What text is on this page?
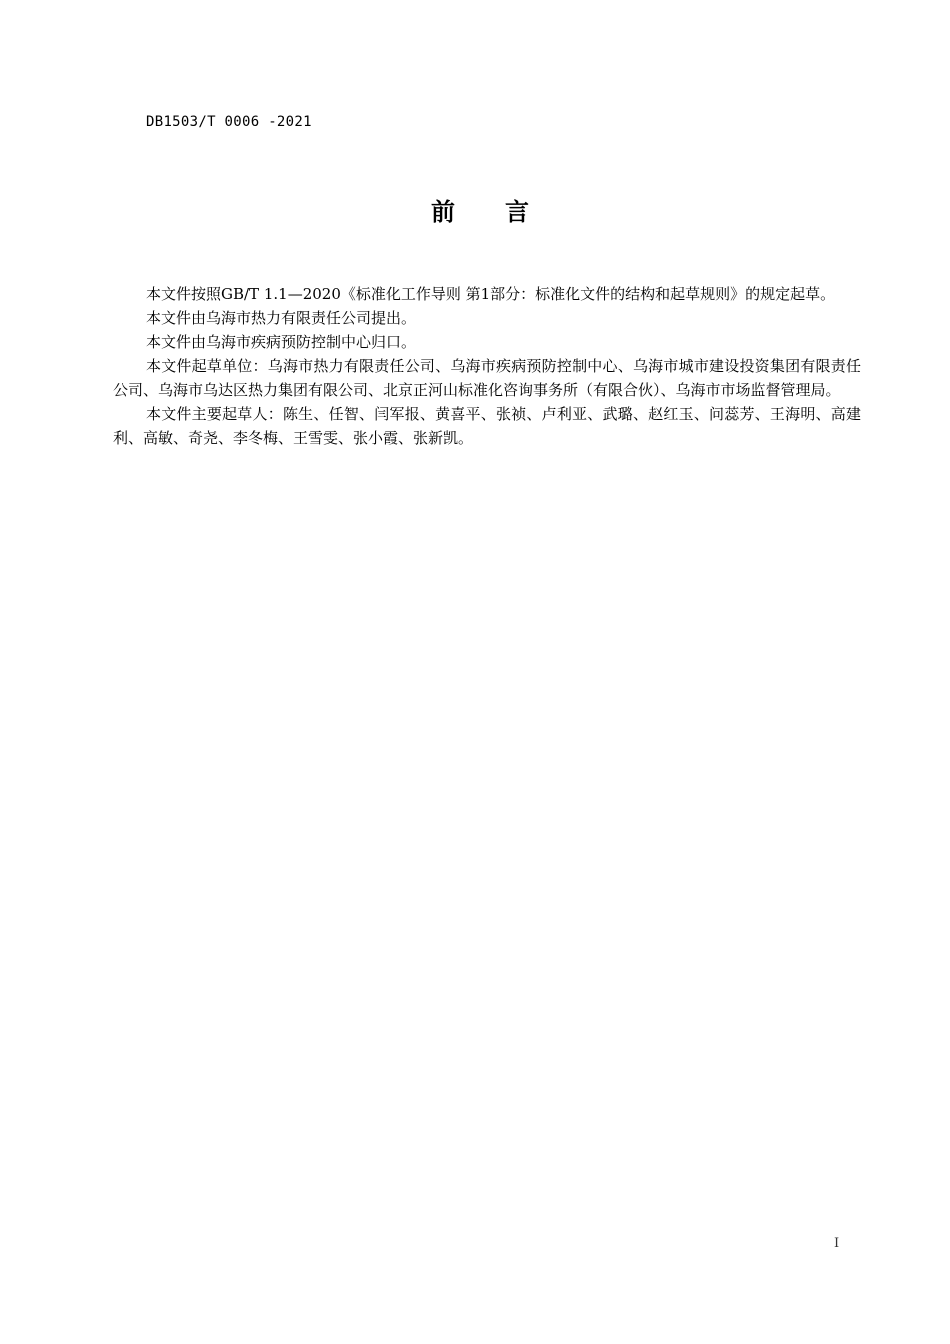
DB1503/T 0006 -2021
前 言

本文件按照GB/T 1.1—2020《标准化工作导则 第1部分：标准化文件的结构和起草规则》的规定起草。

本文件由乌海市热力有限责任公司提出。

本文件由乌海市疾病预防控制中心归口。

本文件起草单位：乌海市热力有限责任公司、乌海市疾病预防控制中心、乌海市城市建设投资集团有限责任公司、乌海市乌达区热力集团有限公司、北京正河山标准化咨询事务所（有限合伙）、乌海市市场监督管理局。

本文件主要起草人：陈生、任智、闫军报、黄喜平、张祯、卢利亚、武璐、赵红玉、问蕊芳、王海明、高建利、高敏、奇尧、李冬梅、王雪雯、张小霞、张新凯。

I
